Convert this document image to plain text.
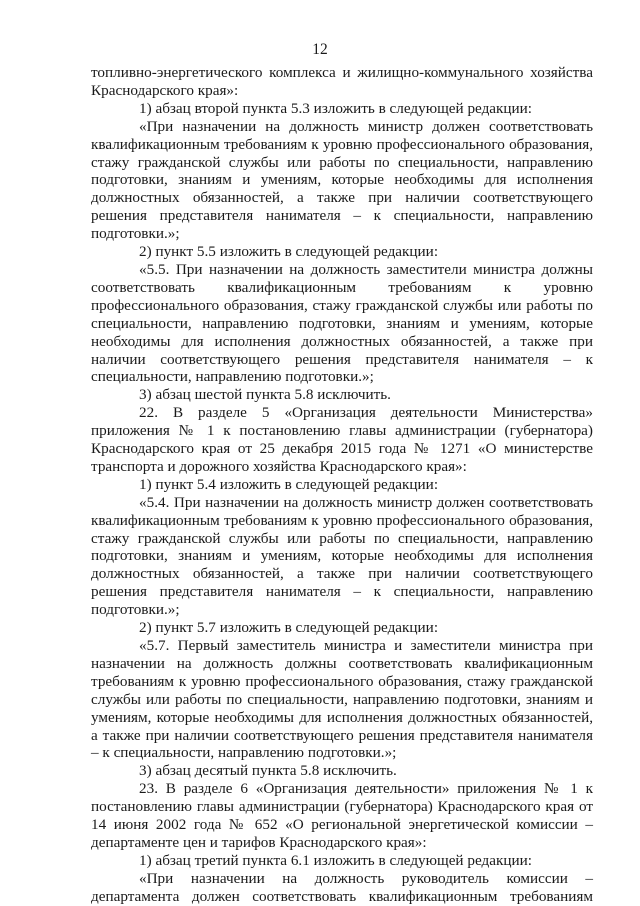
12

топливно-энергетического комплекса и жилищно-коммунального хозяйства Краснодарского края»:

1) абзац второй пункта 5.3 изложить в следующей редакции:

«При назначении на должность министр должен соответствовать квалификационным требованиям к уровню профессионального образования, стажу гражданской службы или работы по специальности, направлению подготовки, знаниям и умениям, которые необходимы для исполнения должностных обязанностей, а также при наличии соответствующего решения представителя нанимателя – к специальности, направлению подготовки.»;

2) пункт 5.5 изложить в следующей редакции:

«5.5. При назначении на должность заместители министра должны соответствовать квалификационным требованиям к уровню профессионального образования, стажу гражданской службы или работы по специальности, направлению подготовки, знаниям и умениям, которые необходимы для исполнения должностных обязанностей, а также при наличии соответствующего решения представителя нанимателя – к специальности, направлению подготовки.»;

3) абзац шестой пункта 5.8 исключить.

22. В разделе 5 «Организация деятельности Министерства» приложения № 1 к постановлению главы администрации (губернатора) Краснодарского края от 25 декабря 2015 года № 1271 «О министерстве транспорта и дорожного хозяйства Краснодарского края»:

1) пункт 5.4 изложить в следующей редакции:

«5.4. При назначении на должность министр должен соответствовать квалификационным требованиям к уровню профессионального образования, стажу гражданской службы или работы по специальности, направлению подготовки, знаниям и умениям, которые необходимы для исполнения должностных обязанностей, а также при наличии соответствующего решения представителя нанимателя – к специальности, направлению подготовки.»;

2) пункт 5.7 изложить в следующей редакции:

«5.7. Первый заместитель министра и заместители министра при назначении на должность должны соответствовать квалификационным требованиям к уровню профессионального образования, стажу гражданской службы или работы по специальности, направлению подготовки, знаниям и умениям, которые необходимы для исполнения должностных обязанностей, а также при наличии соответствующего решения представителя нанимателя – к специальности, направлению подготовки.»;

3) абзац десятый пункта 5.8 исключить.

23. В разделе 6 «Организация деятельности» приложения № 1 к постановлению главы администрации (губернатора) Краснодарского края от 14 июня 2002 года № 652 «О региональной энергетической комиссии – департаменте цен и тарифов Краснодарского края»:

1) абзац третий пункта 6.1 изложить в следующей редакции:

«При назначении на должность руководитель комиссии – департамента должен соответствовать квалификационным требованиям
